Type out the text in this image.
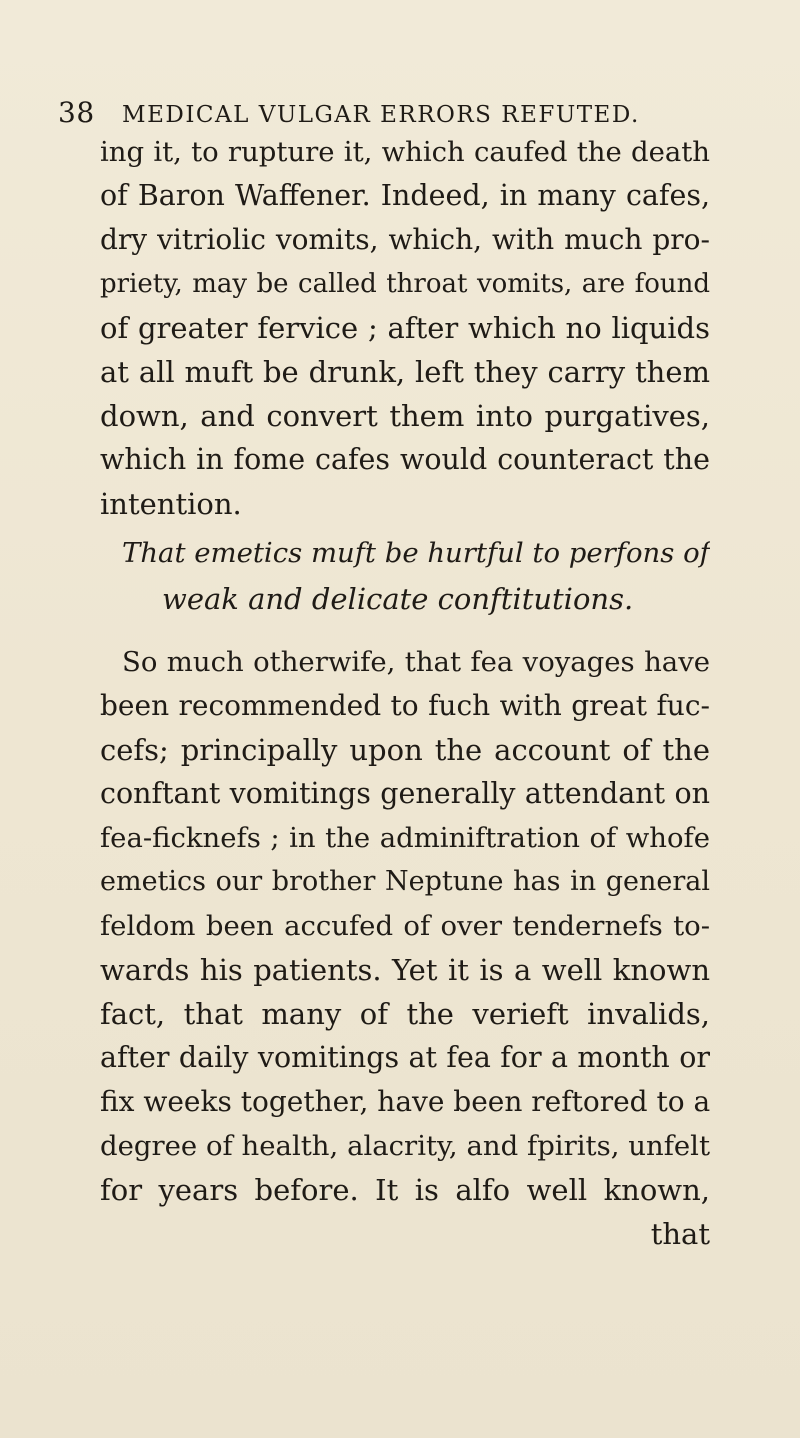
38 MEDICAL VULGAR ERRORS REFUTED.
ing it, to rupture it, which caufed the death
of Baron Waffener. Indeed, in many cafes,
dry vitriolic vomits, which, with much pro-
priety, may be called throat vomits, are found
of greater fervice ; after which no liquids
at all muft be drunk, left they carry them
down, and convert them into purgatives,
which in fome cafes would counteract the
intention.
That emetics muft be hurtful to perfons of
weak and delicate conftitutions.
So much otherwife, that fea voyages have
been recommended to fuch with great fuc-
cefs; principally upon the account of the
conftant vomitings generally attendant on
fea-ficknefs ; in the adminiftration of whofe
emetics our brother Neptune has in general
feldom been accufed of over tendernefs to-
wards his patients. Yet it is a well known
fact, that many of the verieft invalids,
after daily vomitings at fea for a month or
fix weeks together, have been reftored to a
degree of health, alacrity, and fpirits, unfelt
for years before. It is alfo well known,
that
